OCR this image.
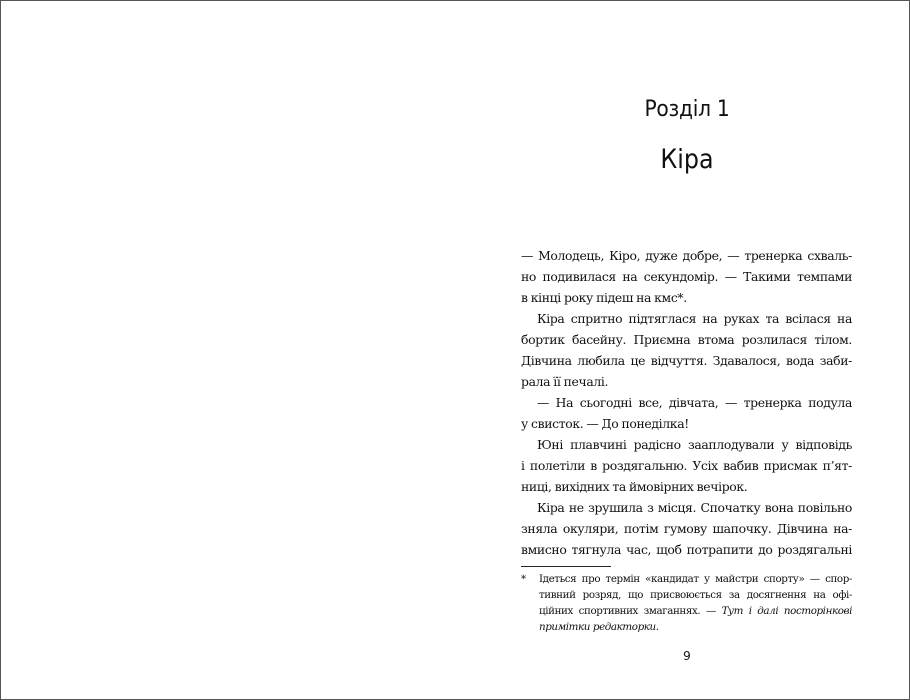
Розділ 1
Кіра
— Молодець, Кіро, дуже добре, — тренерка схваль-
но подивилася на секундомір. — Такими темпами
в кінці року підеш на кмс*.
Кіра спритно підтяглася на руках та всілася на
бортик басейну. Приємна втома розлилася тілом.
Дівчина любила це відчуття. Здавалося, вода заби-
рала її печалі.
— На сьогодні все, дівчата, — тренерка подула
у свисток. — До понеділка!
Юні плавчині радісно зааплодували у відповідь
і полетіли в роздягальню. Усіх вабив присмак п’ят-
ниці, вихідних та ймовірних вечірок.
Кіра не зрушила з місця. Спочатку вона повільно
зняла окуляри, потім гумову шапочку. Дівчина на-
вмисно тягнула час, щоб потрапити до роздягальні
*	Ідеться про термін «кандидат у майстри спорту» — спор-
тивний розряд, що присвоюється за досягнення на офі-
ційних спортивних змаганнях. — Тут і далі посторінкові
примітки редакторки.
9
